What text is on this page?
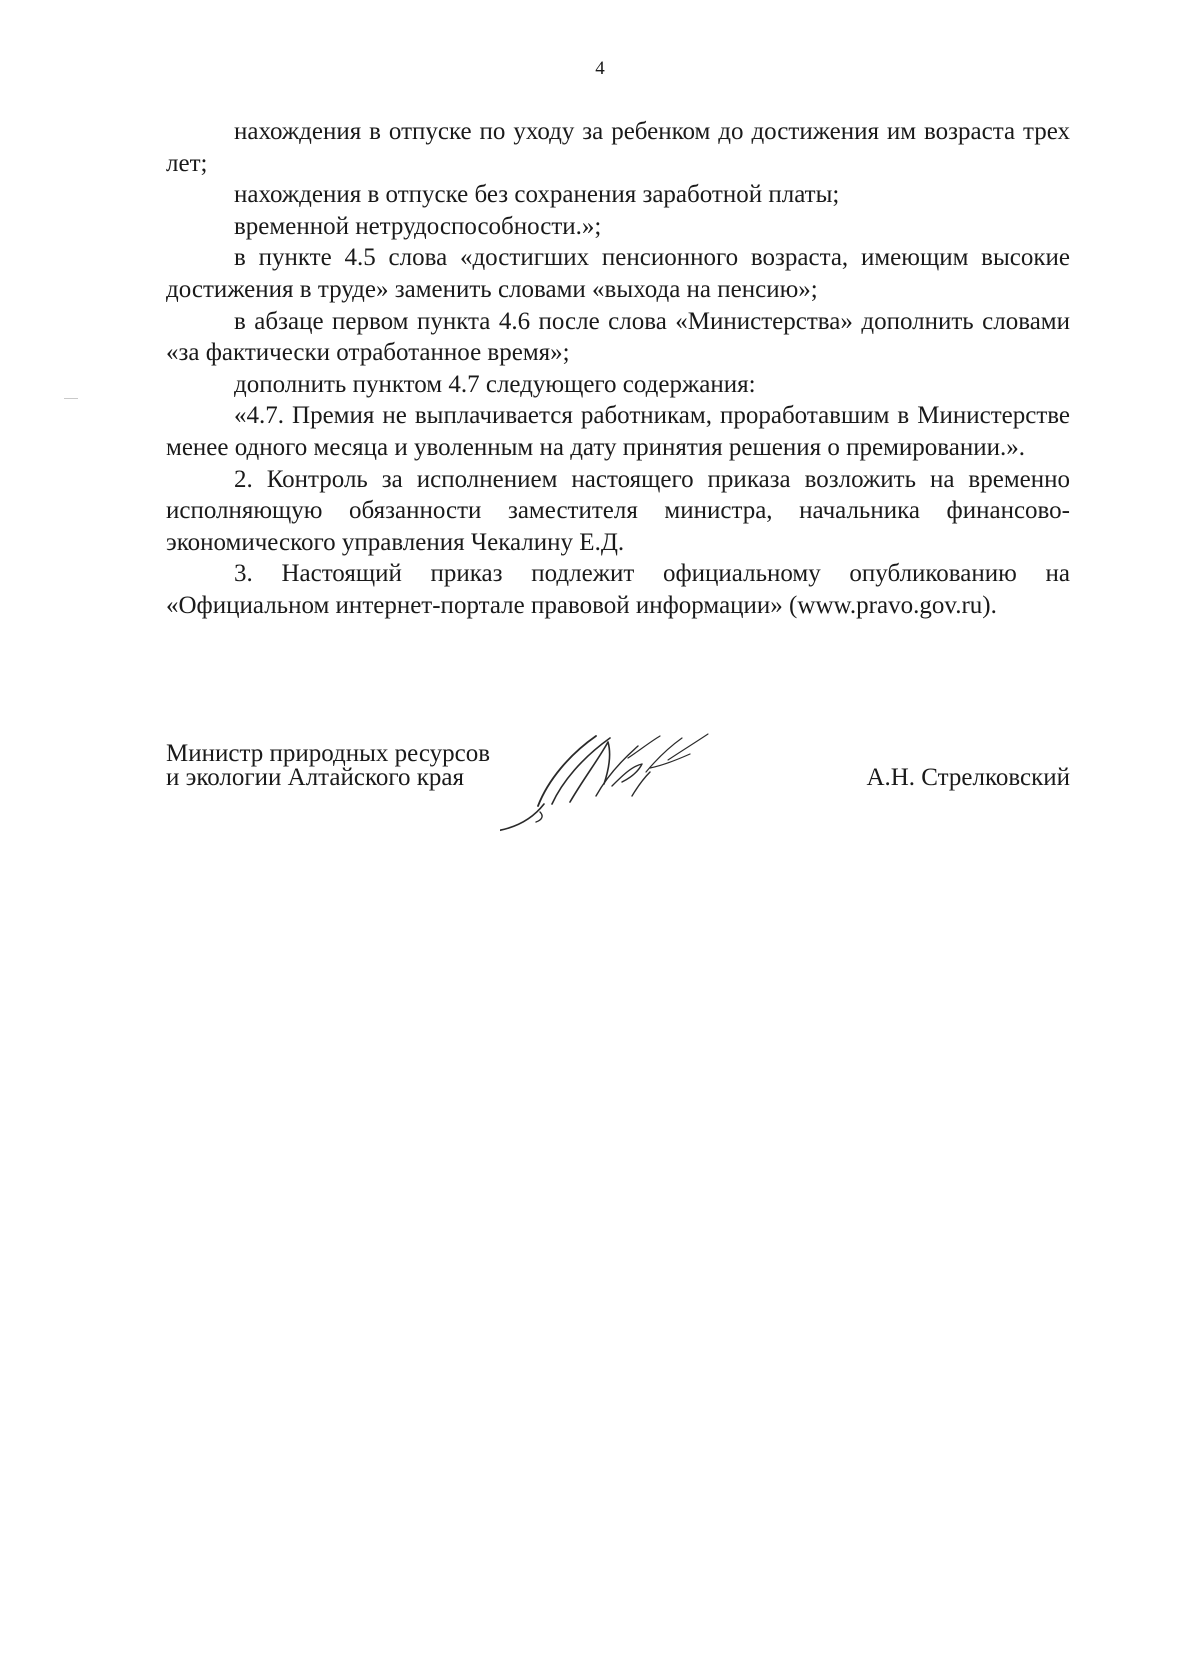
4

нахождения в отпуске по уходу за ребенком до достижения им возраста трех лет;

нахождения в отпуске без сохранения заработной платы;

временной нетрудоспособности.»;

в пункте 4.5 слова «достигших пенсионного возраста, имеющим высокие достижения в труде» заменить словами «выхода на пенсию»;

в абзаце первом пункта 4.6 после слова «Министерства» дополнить словами «за фактически отработанное время»;

дополнить пунктом 4.7 следующего содержания:

«4.7. Премия не выплачивается работникам, проработавшим в Министерстве менее одного месяца и уволенным на дату принятия решения о премировании.».

2. Контроль за исполнением настоящего приказа возложить на временно исполняющую обязанности заместителя министра, начальника финансово-экономического управления Чекалину Е.Д.

3. Настоящий приказ подлежит официальному опубликованию на «Официальном интернет-портале правовой информации» (www.pravo.gov.ru).

Министр природных ресурсов
и экологии Алтайского края	А.Н. Стрелковский
